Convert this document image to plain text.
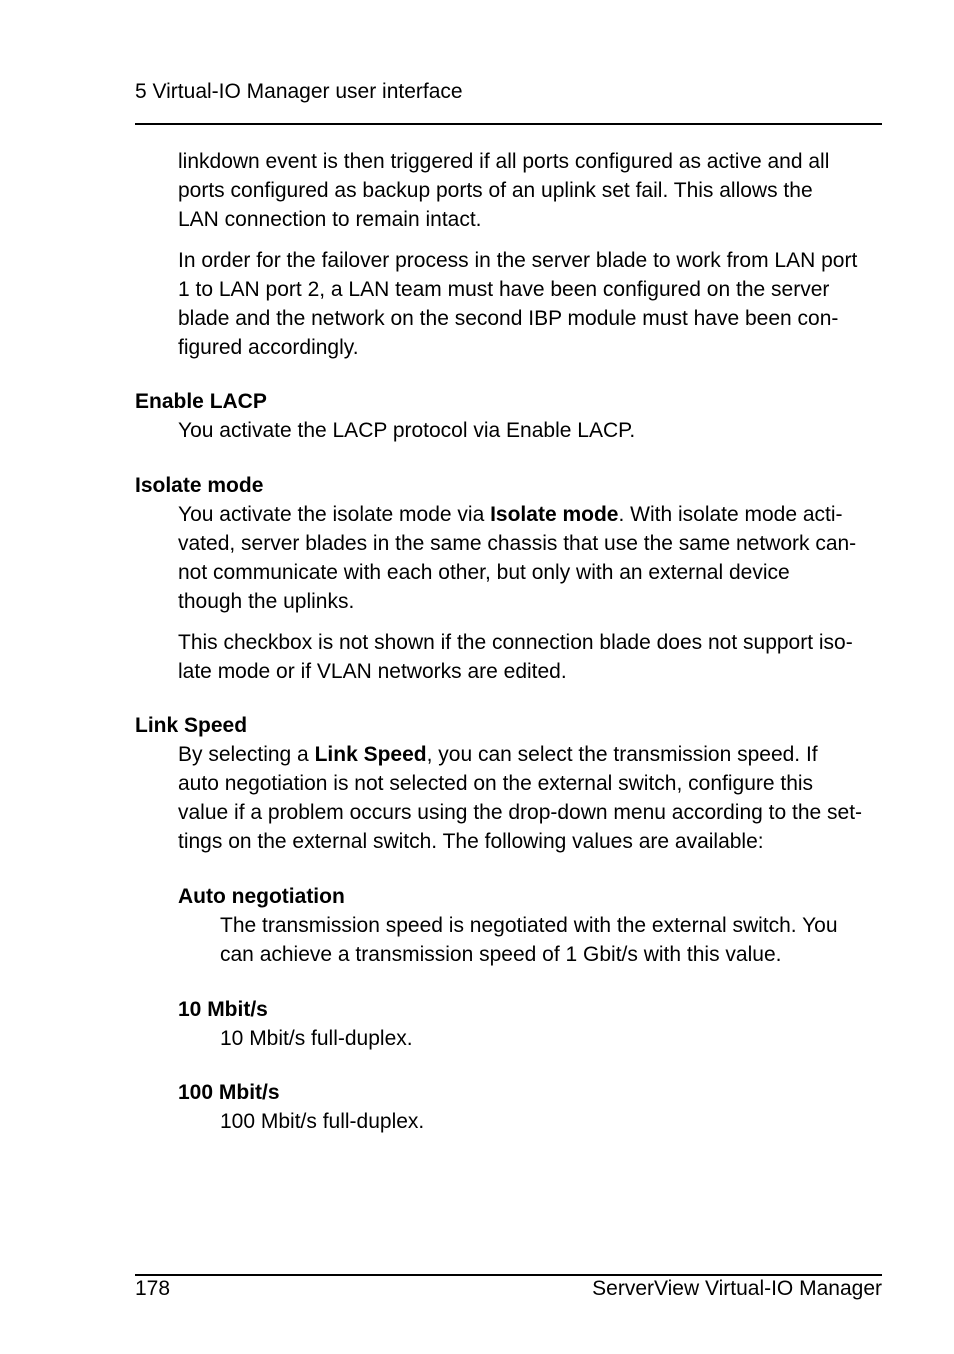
5 Virtual-IO Manager user interface

linkdown event is then triggered if all ports configured as active and all

ports configured as backup ports of an uplink set fail. This allows the

LAN connection to remain intact.

In order for the failover process in the server blade to work from LAN port

1 to LAN port 2, a LAN team must have been configured on the server

blade and the network on the second IBP module must have been con-

figured accordingly.

Enable LACP

You activate the LACP protocol via Enable LACP.

Isolate mode

You activate the isolate mode via Isolate mode. With isolate mode acti-

vated, server blades in the same chassis that use the same network can-

not communicate with each other, but only with an external device

though the uplinks.

This checkbox is not shown if the connection blade does not support iso-

late mode or if VLAN networks are edited.

Link Speed

By selecting a Link Speed, you can select the transmission speed. If

auto negotiation is not selected on the external switch, configure this

value if a problem occurs using the drop-down menu according to the set-

tings on the external switch. The following values are available:

Auto negotiation

The transmission speed is negotiated with the external switch. You

can achieve a transmission speed of 1 Gbit/s with this value.

10 Mbit/s

10 Mbit/s full-duplex.

100 Mbit/s

100 Mbit/s full-duplex.

178	ServerView Virtual-IO Manager
